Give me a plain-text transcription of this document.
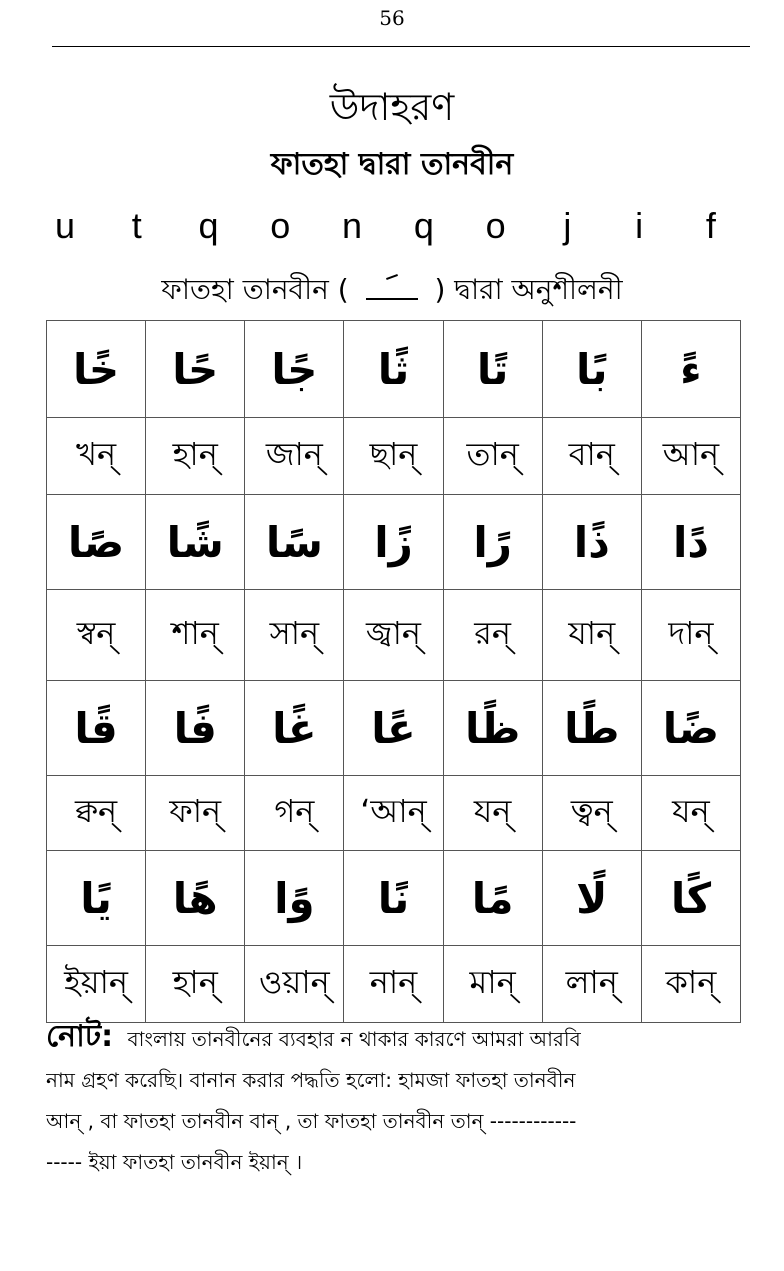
56
উদাহরণ
ফাতহা দ্বারা তানবীন
u	t	q o n q o	j	i	f
ফাতহা তানবীন (	) দ্বারা অনুশীলনী
خًا	حًا	جًا	ثًا	تًا	بًا	ءً
খন্	হান্	জান্	ছান্	তান্	বান্	আন্
صًا	شًا	سًا	زًا	رًا	ذًا	دًا
স্বন্	শান্	সান্	জ্বান্	রন্	যান্	দান্
قًا	فًا	غًا	عًا	ظًا	طًا	ضًا
ক্বন্	ফান্	গন্	‘আন্	যন্	ত্বন্	যন্
يًا	هًا	وًا	نًا	مًا	لًا	كًا
ইয়ান্	হান্	ওয়ান্	নান্	মান্	লান্	কান্
নোট: বাংলায় তানবীনের ব্যবহার ন থাকার কারণে আমরা আরবি
নাম গ্রহণ করেছি। বানান করার পদ্ধতি হলো: হামজা ফাতহা তানবীন
আন্ , বা ফাতহা তানবীন বান্ , তা ফাতহা তানবীন তান্ ------------
----- ইয়া ফাতহা তানবীন ইয়ান্ ।
